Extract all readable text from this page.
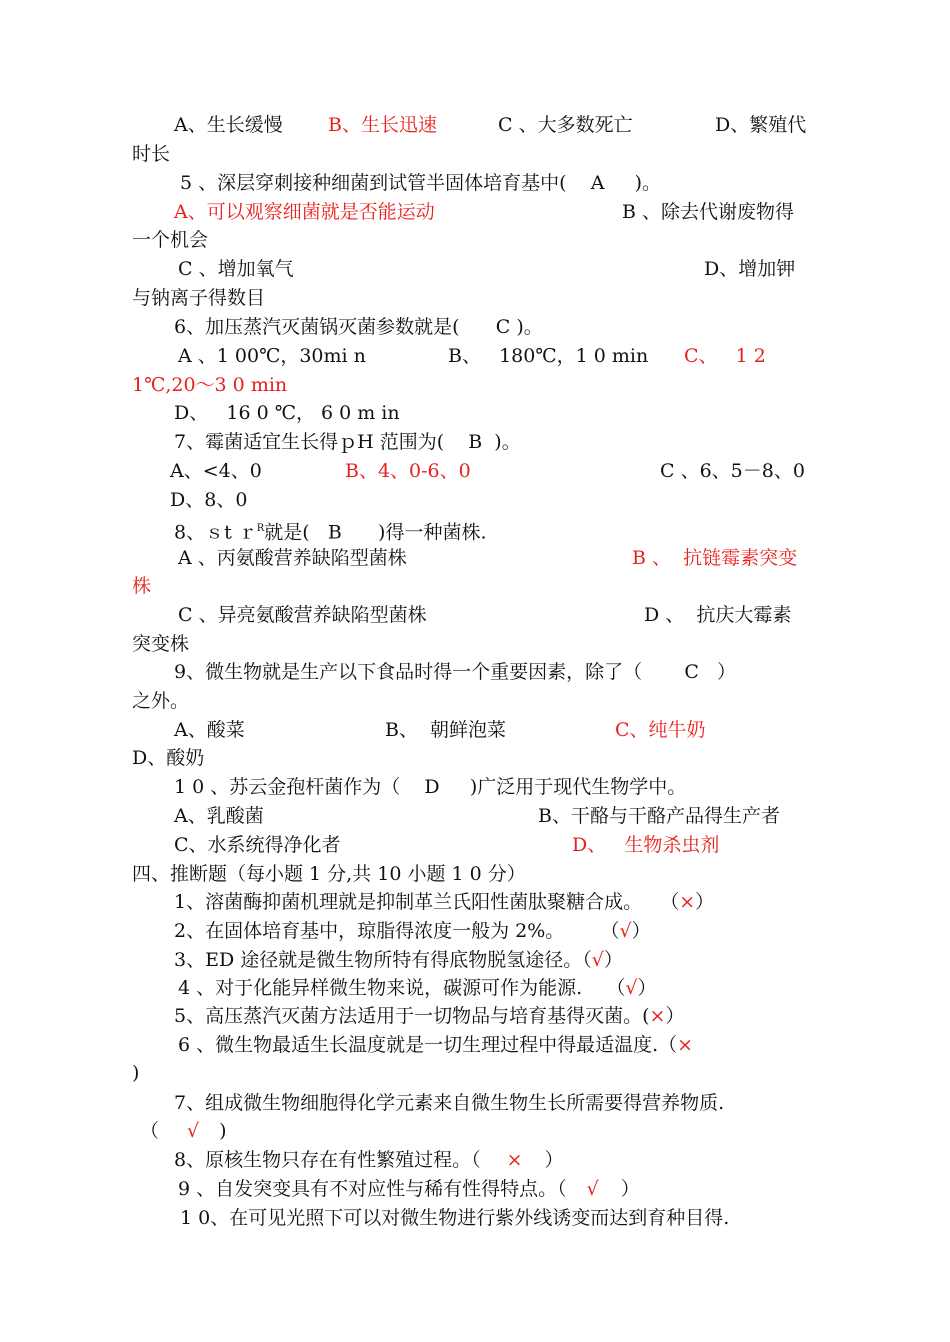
A、生长缓慢 B、生长迅速	C 、大多数死亡	D、繁殖代
时长
5 、深层穿刺接种细菌到试管半固体培育基中(    A     )。
A、可以观察细菌就是否能运动	B 、除去代谢废物得
一个机会
C 、增加氧气	D、增加钾
与钠离子得数目
6、加压蒸汽灭菌锅灭菌参数就是(      C )。
A 、1 00℃，30mi n	B、   180℃，1 0 min C、   1 2
1℃,20～3 0 min
D、   16 0 ℃， 6 0 m in
7、霉菌适宜生长得ｐH 范围为(    B  )。
A、<4、0	B、4、0-6、0	C 、6、5－8、0
D、8、0
8、ｓt ｒ$^R$就是(   B      )得一种菌株.
A 、丙氨酸营养缺陷型菌株	B 、  抗链霉素突变
株
C 、异亮氨酸营养缺陷型菌株	D 、  抗庆大霉素
突变株
9、微生物就是生产以下食品时得一个重要因素，除了（       C   ）
之外。
A、酸菜	B、  朝鲜泡菜	C、纯牛奶
D、酸奶
1 0 、苏云金孢杆菌作为（    D     )广泛用于现代生物学中。
A、乳酸菌	B、干酪与干酪产品得生产者
C、水系统得净化者	D、   生物杀虫剂
四、推断题（每小题 1 分,共 10 小题 1 0 分）
1、溶菌酶抑菌机理就是抑制革兰氏阳性菌肽聚糖合成。   （×）
2、在固体培育基中，琼脂得浓度一般为 2%。      （√）
3、ED 途径就是微生物所特有得底物脱氢途径。（√）
4 、对于化能异样微生物来说，碳源可作为能源.    （√）
5、高压蒸汽灭菌方法适用于一切物品与培育基得灭菌。(×）
6 、微生物最适生长温度就是一切生理过程中得最适温度.（×
)
7、组成微生物细胞得化学元素来自微生物生长所需要得营养物质.
（ √ )
8、原核生物只存在有性繁殖过程。（ × ）
9 、自发突变具有不对应性与稀有性得特点。（ √ ）
1 0、在可见光照下可以对微生物进行紫外线诱变而达到育种目得.
